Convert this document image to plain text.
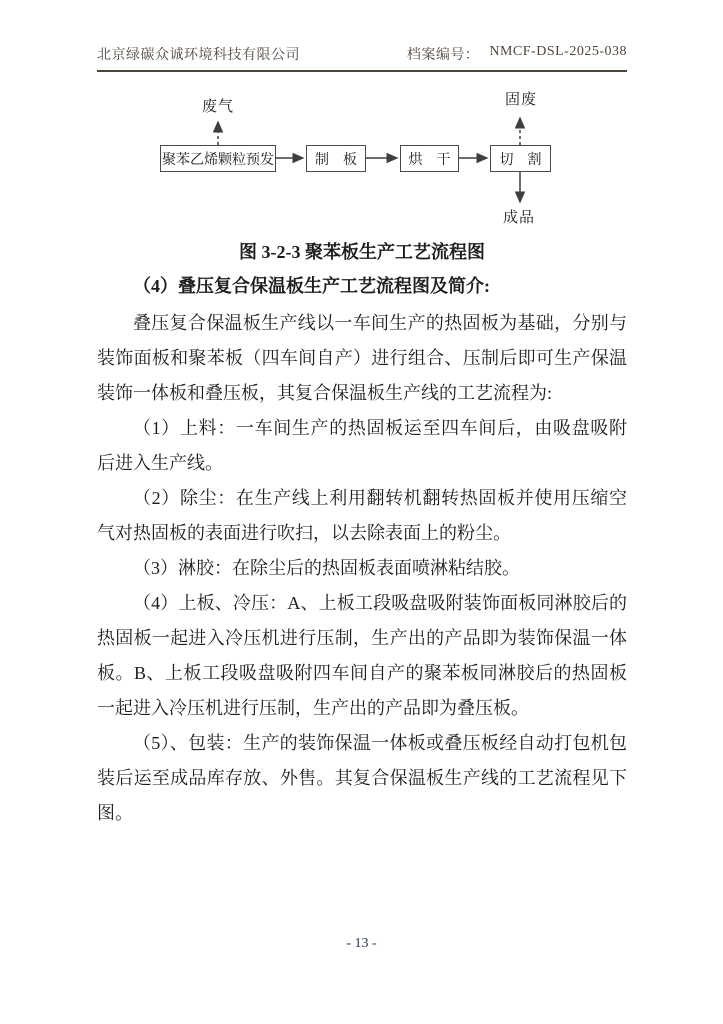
北京绿碳众诚环境科技有限公司	档案编号： NMCF-DSL-2025-038
废气	固废
成品
聚苯乙烯颗粒预发	制　板	烘　干	切　割
图 3-2-3 聚苯板生产工艺流程图
（4）叠压复合保温板生产工艺流程图及简介:

叠压复合保温板生产线以一车间生产的热固板为基础，分别与装饰面板和聚苯板（四车间自产）进行组合、压制后即可生产保温装饰一体板和叠压板，其复合保温板生产线的工艺流程为:

（1）上料：一车间生产的热固板运至四车间后，由吸盘吸附后进入生产线。

（2）除尘：在生产线上利用翻转机翻转热固板并使用压缩空气对热固板的表面进行吹扫，以去除表面上的粉尘。

（3）淋胶：在除尘后的热固板表面喷淋粘结胶。

（4）上板、冷压：A、上板工段吸盘吸附装饰面板同淋胶后的热固板一起进入冷压机进行压制，生产出的产品即为装饰保温一体板。B、上板工段吸盘吸附四车间自产的聚苯板同淋胶后的热固板一起进入冷压机进行压制，生产出的产品即为叠压板。

（5）、包装：生产的装饰保温一体板或叠压板经自动打包机包装后运至成品库存放、外售。其复合保温板生产线的工艺流程见下图。

- 13 -
